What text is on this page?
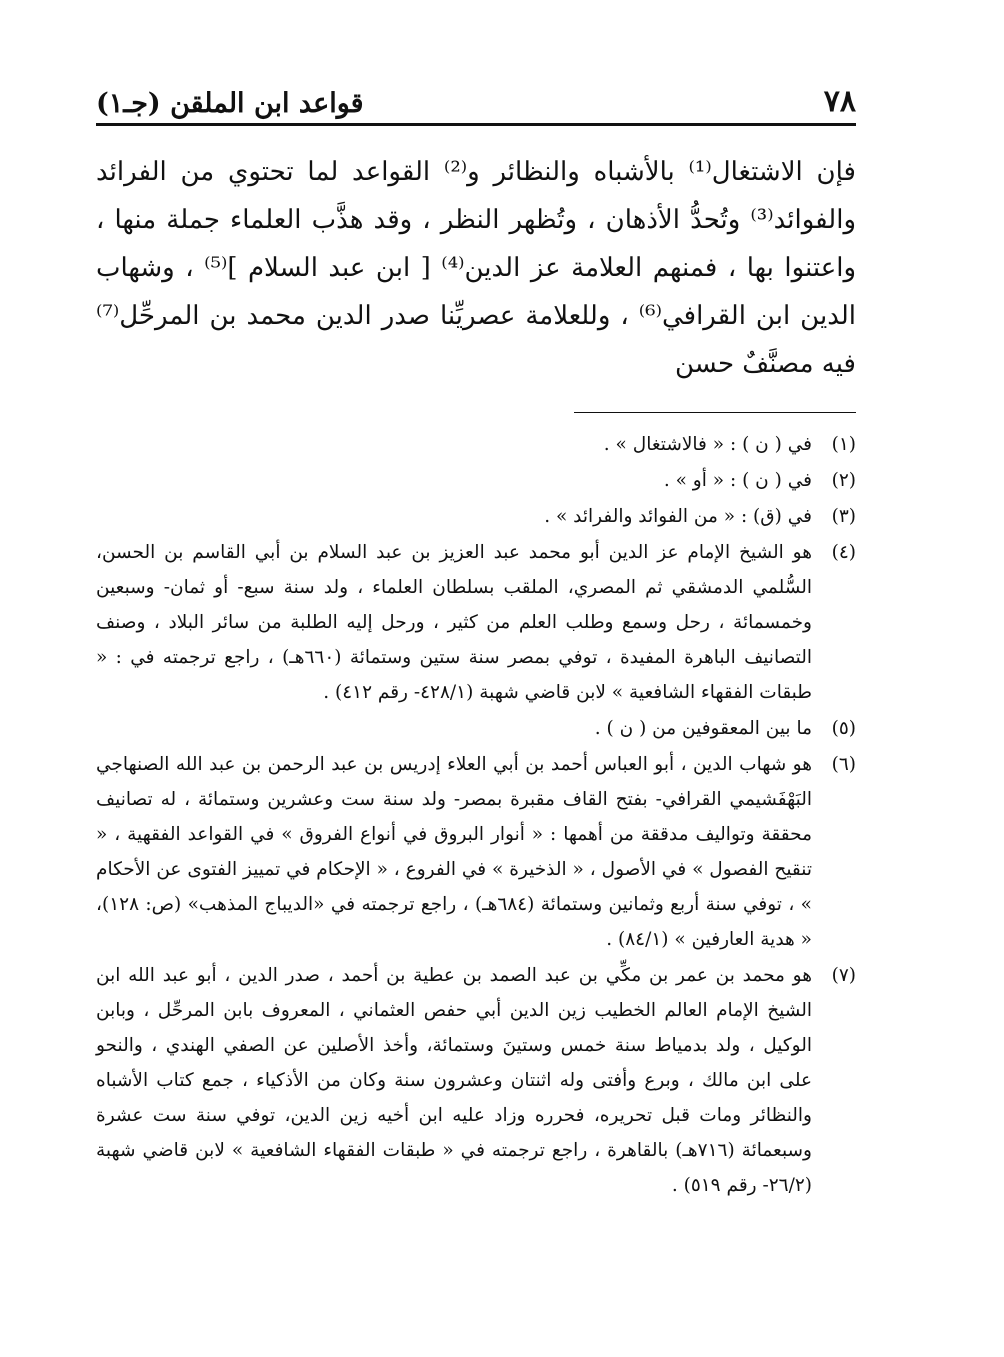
٧٨
قواعد ابن الملقن (جـ١)

فإن الاشتغال⁽¹⁾ بالأشباه والنظائر و⁽²⁾ القواعد لما تحتوي من الفرائد والفوائد⁽³⁾ وتُحدُّ الأذهان ، وتُظهر النظر ، وقد هذَّب العلماء جملة منها ، واعتنوا بها ، فمنهم العلامة عز الدين⁽⁴⁾ [ ابن عبد السلام ]⁽⁵⁾ ، وشهاب الدين ابن القرافي⁽⁶⁾ ، وللعلامة عصريِّنا صدر الدين محمد بن المرحِّل⁽⁷⁾ فيه مصنَّفٌ حسن

(١)
في ( ن ) : « فالاشتغال » .
(٢)
في ( ن ) : « أو » .
(٣)
في (ق) : « من الفوائد والفرائد » .
(٤)
هو الشيخ الإمام عز الدين أبو محمد عبد العزيز بن عبد السلام بن أبي القاسم بن الحسن، السُّلمي الدمشقي ثم المصري، الملقب بسلطان العلماء ، ولد سنة سبع- أو ثمان- وسبعين وخمسمائة ، رحل وسمع وطلب العلم من كثير ، ورحل إليه الطلبة من سائر البلاد ، وصنف التصانيف الباهرة المفيدة ، توفي بمصر سنة ستين وستمائة (٦٦٠هـ) ، راجع ترجمته في : « طبقات الفقهاء الشافعية » لابن قاضي شهبة (٤٢٨/١- رقم ٤١٢) .
(٥)
ما بين المعقوفين من ( ن ) .
(٦)
هو شهاب الدين ، أبو العباس أحمد بن أبي العلاء إدريس بن عبد الرحمن بن عبد الله الصنهاجي البَهْفَشيمي القرافي- بفتح القاف مقبرة بمصر- ولد سنة ست وعشرين وستمائة ، له تصانيف محققة وتواليف مدققة من أهمها : « أنوار البروق في أنواع الفروق » في القواعد الفقهية ، « تنقيح الفصول » في الأصول ، « الذخيرة » في الفروع ، « الإحكام في تمييز الفتوى عن الأحكام » ، توفي سنة أربع وثمانين وستمائة (٦٨٤هـ) ، راجع ترجمته في «الديباج المذهب» (ص: ١٢٨)، « هدية العارفين » (٨٤/١) .
(٧)
هو محمد بن عمر بن مكِّي بن عبد الصمد بن عطية بن أحمد ، صدر الدين ، أبو عبد الله ابن الشيخ الإمام العالم الخطيب زين الدين أبي حفص العثماني ، المعروف بابن المرحِّل ، وبابن الوكيل ، ولد بدمياط سنة خمس وستينَ وستمائة، وأخذ الأصلين عن الصفي الهندي ، والنحو على ابن مالك ، وبرع وأفتى وله اثنتان وعشرون سنة وكان من الأذكياء ، جمع كتاب الأشباه والنظائر ومات قبل تحريره، فحرره وزاد عليه ابن أخيه زين الدين، توفي سنة ست عشرة وسبعمائة (٧١٦هـ) بالقاهرة ، راجع ترجمته في « طبقات الفقهاء الشافعية » لابن قاضي شهبة (٢٦/٢- رقم ٥١٩) .
